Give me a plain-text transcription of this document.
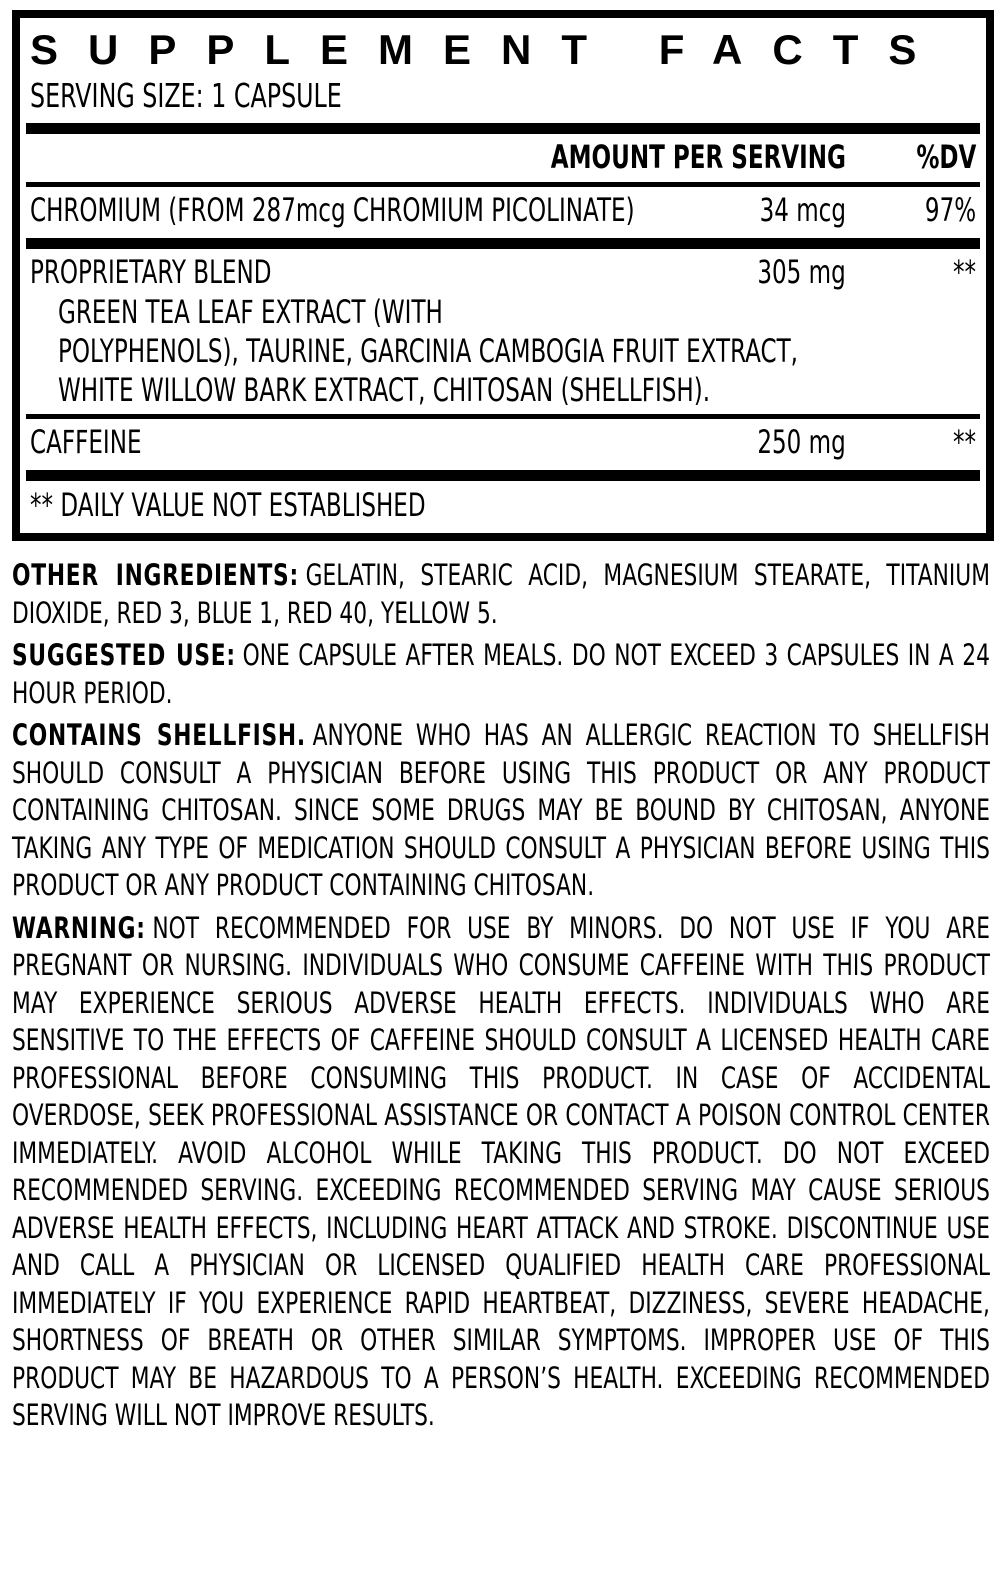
SUPPLEMENT FACTS
SERVING SIZE: 1 CAPSULE
AMOUNT PER SERVING %DV
CHROMIUM (FROM 287mcg CHROMIUM PICOLINATE)	34 mcg 97%
PROPRIETARY BLEND	305 mg	**
GREEN TEA LEAF EXTRACT (WITH
POLYPHENOLS), TAURINE, GARCINIA CAMBOGIA FRUIT EXTRACT,
WHITE WILLOW BARK EXTRACT, CHITOSAN (SHELLFISH).
CAFFEINE	250 mg	**
** DAILY VALUE NOT ESTABLISHED

OTHER INGREDIENTS: GELATIN, STEARIC ACID, MAGNESIUM STEARATE, TITANIUM DIOXIDE, RED 3, BLUE 1, RED 40, YELLOW 5.

SUGGESTED USE: ONE CAPSULE AFTER MEALS. DO NOT EXCEED 3 CAPSULES IN A 24 HOUR PERIOD.

CONTAINS SHELLFISH. ANYONE WHO HAS AN ALLERGIC REACTION TO SHELLFISH SHOULD CONSULT A PHYSICIAN BEFORE USING THIS PRODUCT OR ANY PRODUCT CONTAINING CHITOSAN. SINCE SOME DRUGS MAY BE BOUND BY CHITOSAN, ANYONE TAKING ANY TYPE OF MEDICATION SHOULD CONSULT A PHYSICIAN BEFORE USING THIS PRODUCT OR ANY PRODUCT CONTAINING CHITOSAN.

WARNING: NOT RECOMMENDED FOR USE BY MINORS. DO NOT USE IF YOU ARE PREGNANT OR NURSING. INDIVIDUALS WHO CONSUME CAFFEINE WITH THIS PRODUCT MAY EXPERIENCE SERIOUS ADVERSE HEALTH EFFECTS. INDIVIDUALS WHO ARE SENSITIVE TO THE EFFECTS OF CAFFEINE SHOULD CONSULT A LICENSED HEALTH CARE PROFESSIONAL BEFORE CONSUMING THIS PRODUCT. IN CASE OF ACCIDENTAL OVERDOSE, SEEK PROFESSIONAL ASSISTANCE OR CONTACT A POISON CONTROL CENTER IMMEDIATELY. AVOID ALCOHOL WHILE TAKING THIS PRODUCT. DO NOT EXCEED RECOMMENDED SERVING. EXCEEDING RECOMMENDED SERVING MAY CAUSE SERIOUS ADVERSE HEALTH EFFECTS, INCLUDING HEART ATTACK AND STROKE. DISCONTINUE USE AND CALL A PHYSICIAN OR LICENSED QUALIFIED HEALTH CARE PROFESSIONAL IMMEDIATELY IF YOU EXPERIENCE RAPID HEARTBEAT, DIZZINESS, SEVERE HEADACHE, SHORTNESS OF BREATH OR OTHER SIMILAR SYMPTOMS. IMPROPER USE OF THIS PRODUCT MAY BE HAZARDOUS TO A PERSON’S HEALTH. EXCEEDING RECOMMENDED SERVING WILL NOT IMPROVE RESULTS.
